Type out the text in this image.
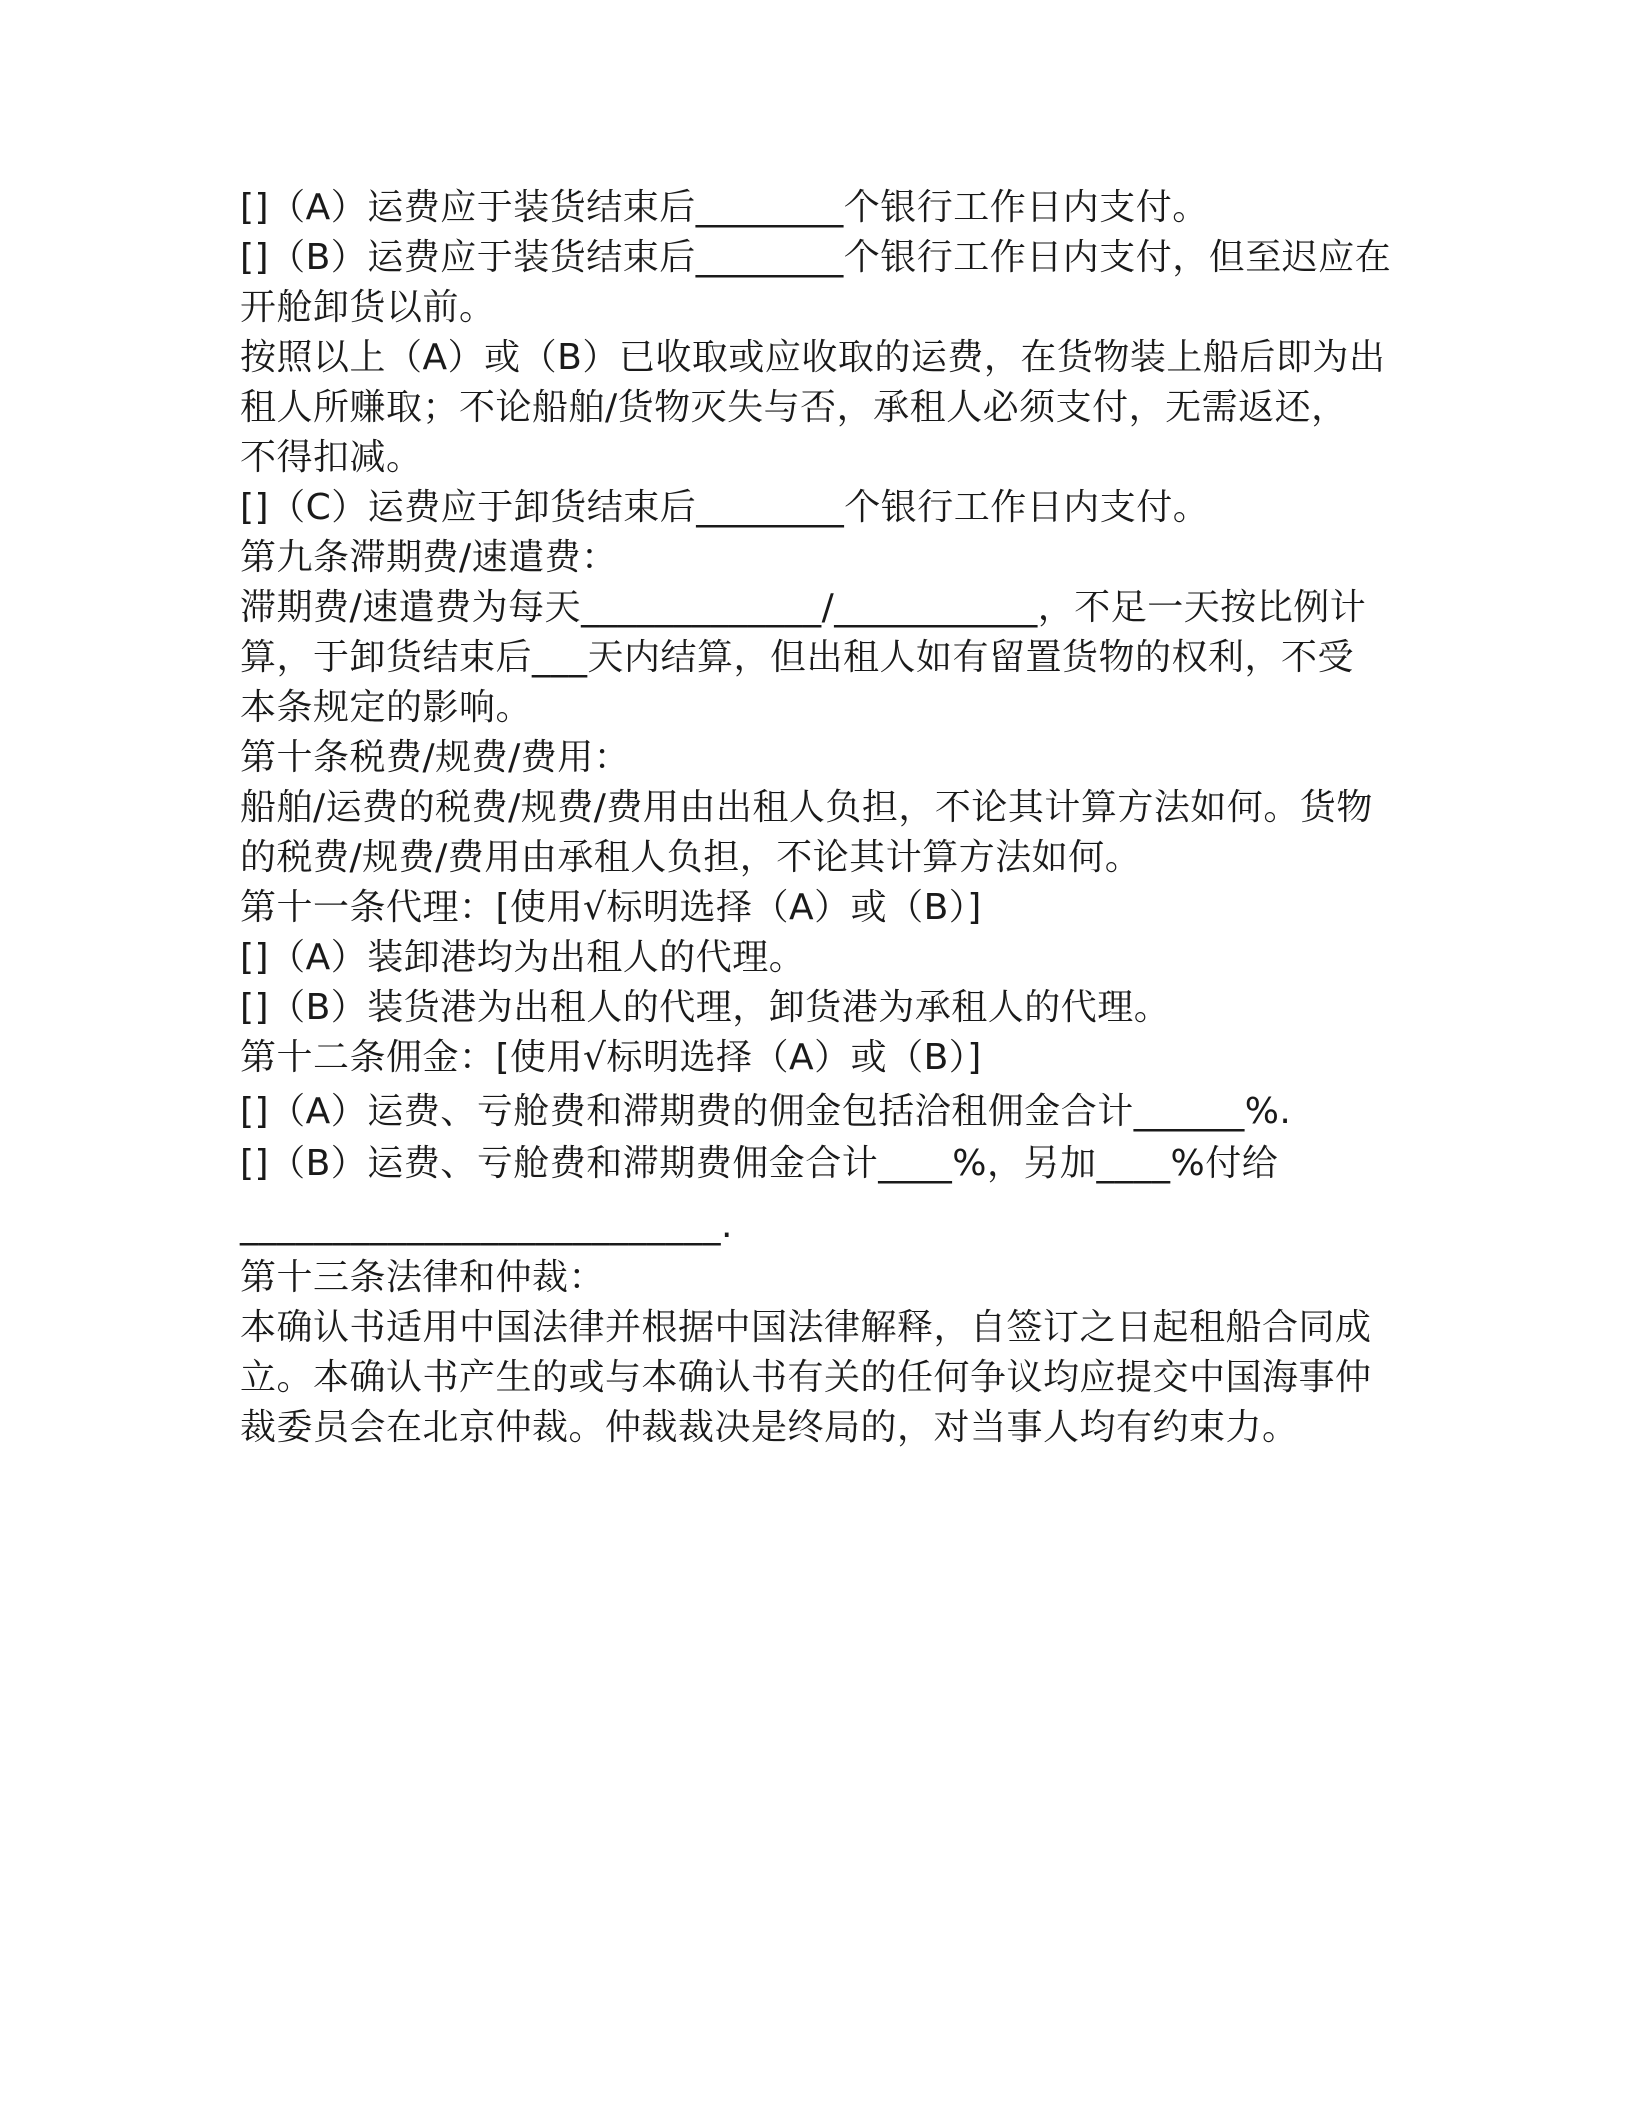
[]（A）运费应于装货结束后________个银行工作日内支付。
[]（B）运费应于装货结束后________个银行工作日内支付，但至迟应在
开舱卸货以前。
按照以上（A）或（B）已收取或应收取的运费，在货物装上船后即为出
租人所赚取；不论船舶/货物灭失与否，承租人必须支付，无需返还，
不得扣减。
[]（C）运费应于卸货结束后________个银行工作日内支付。
第九条滞期费/速遣费：
滞期费/速遣费为每天_____________/___________，不足一天按比例计
算，于卸货结束后___天内结算，但出租人如有留置货物的权利，不受
本条规定的影响。
第十条税费/规费/费用：
船舶/运费的税费/规费/费用由出租人负担，不论其计算方法如何。货物
的税费/规费/费用由承租人负担，不论其计算方法如何。
第十一条代理：[使用√标明选择（A）或（B）]
[]（A）装卸港均为出租人的代理。
[]（B）装货港为出租人的代理，卸货港为承租人的代理。
第十二条佣金：[使用√标明选择（A）或（B）]
[]（A）运费、亏舱费和滞期费的佣金包括洽租佣金合计______%.
[]（B）运费、亏舱费和滞期费佣金合计____%，另加____%付给
__________________________.
第十三条法律和仲裁：
本确认书适用中国法律并根据中国法律解释，自签订之日起租船合同成
立。本确认书产生的或与本确认书有关的任何争议均应提交中国海事仲
裁委员会在北京仲裁。仲裁裁决是终局的，对当事人均有约束力。
